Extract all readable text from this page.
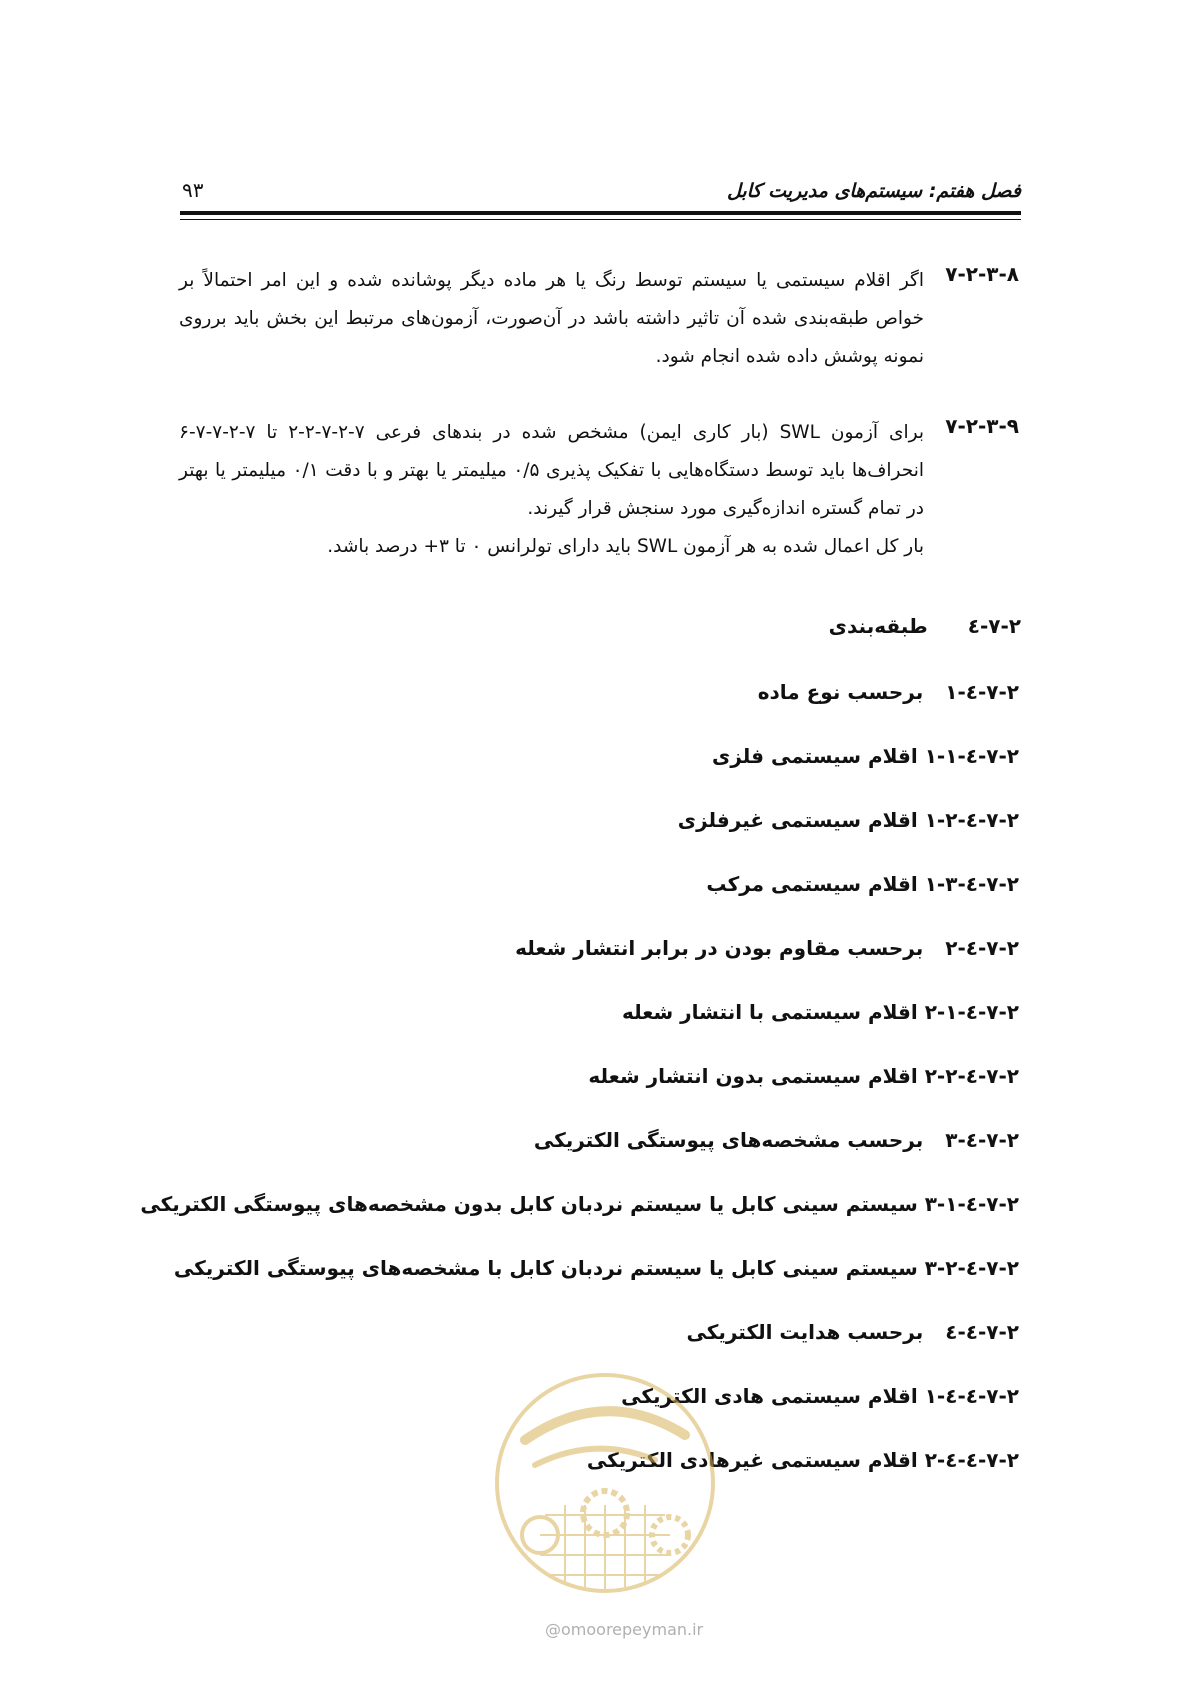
فصل هفتم: سیستم‌های مدیریت کابل
۹۳
۷-۲-۳-۸
اگر اقلام سیستمی یا سیستم توسط رنگ یا هر ماده دیگر پوشانده شده و این امر احتمالاً بر خواص طبقه‌بندی شده آن تاثیر داشته باشد در آن‌صورت، آزمون‌های مرتبط این بخش باید برروی نمونه پوشش داده شده انجام شود.
۷-۲-۳-۹
برای آزمون SWL (بار کاری ایمن) مشخص شده در بندهای فرعی ۷-۲-۷-۲-۲ تا ۷-۲-۷-۷-۶ انحراف‌ها باید توسط دستگاه‌هایی با تفکیک پذیری ۰/۵ میلیمتر یا بهتر و با دقت ۰/۱ میلیمتر یا بهتر در تمام گستره اندازه‌گیری مورد سنجش قرار گیرند.
بار کل اعمال شده به هر آزمون SWL باید دارای تولرانس ۰ تا ۳+ درصد باشد.
۷-۲-٤طبقه‌بندی
۷-۲-٤-۱برحسب نوع ماده
۷-۲-٤-۱-۱ اقلام سیستمی فلزی
۷-۲-٤-۱-۲ اقلام سیستمی غیرفلزی
۷-۲-٤-۱-۳ اقلام سیستمی مرکب
۷-۲-٤-۲برحسب مقاوم بودن در برابر انتشار شعله
۷-۲-٤-۲-۱ اقلام سیستمی با انتشار شعله
۷-۲-٤-۲-۲ اقلام سیستمی بدون انتشار شعله
۷-۲-٤-۳برحسب مشخصه‌های پیوستگی الکتریکی
۷-۲-٤-۳-۱ سیستم سینی کابل یا سیستم نردبان کابل بدون مشخصه‌های پیوستگی الکتریکی
۷-۲-٤-۳-۲ سیستم سینی کابل یا سیستم نردبان کابل با مشخصه‌های پیوستگی الکتریکی
۷-۲-٤-٤برحسب هدایت الکتریکی
۷-۲-٤-٤-۱ اقلام سیستمی هادی الکتریکی
۷-۲-٤-٤-۲ اقلام سیستمی غیرهادی الکتریکی
@omoorepeyman.ir
